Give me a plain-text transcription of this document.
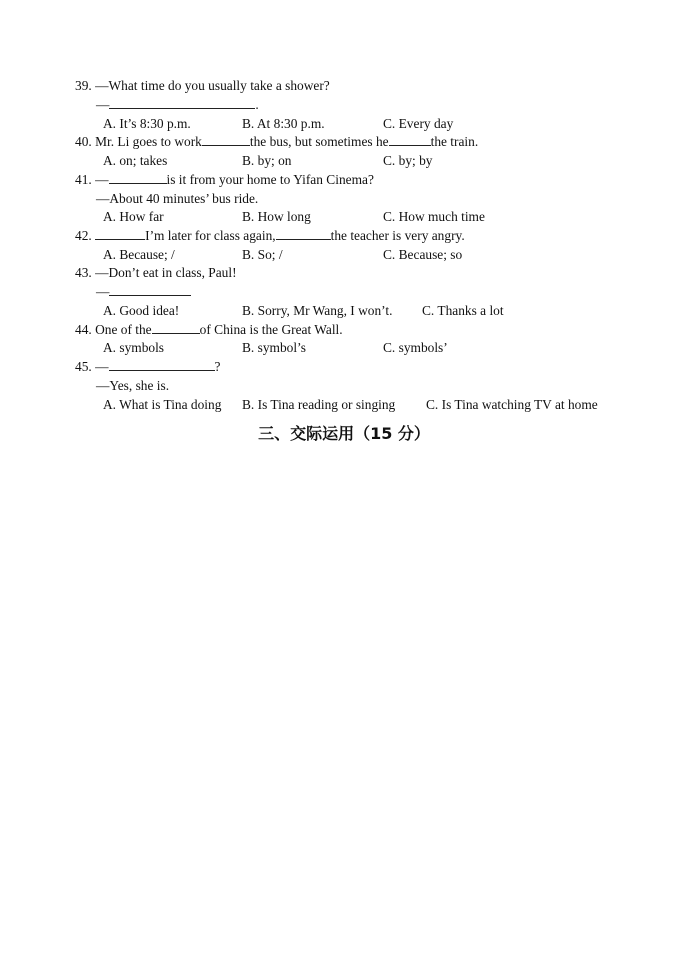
39. —What time do you usually take a shower?
—	.
A. It’s 8:30 p.m.	B. At 8:30 p.m.	C. Every day
40. Mr. Li goes to work	the bus, but sometimes he	the train.
A. on; takes	B. by; on	C. by; by
41. —	is it from your home to Yifan Cinema?
—About 40 minutes’ bus ride.
A. How far	B. How long	C. How much time
42.	I’m later for class again,	the teacher is very angry.
A. Because; /	B. So; /	C. Because; so
43. —Don’t eat in class, Paul!
—
A. Good idea!	B. Sorry, Mr Wang, I won’t. C. Thanks a lot
44. One of the	of China is the Great Wall.
A. symbols	B. symbol’s	C. symbols’
45. —	?
—Yes, she is.
A. What is Tina doing B. Is Tina reading or singing C. Is Tina watching TV at home
三、交际运用（15 分）
